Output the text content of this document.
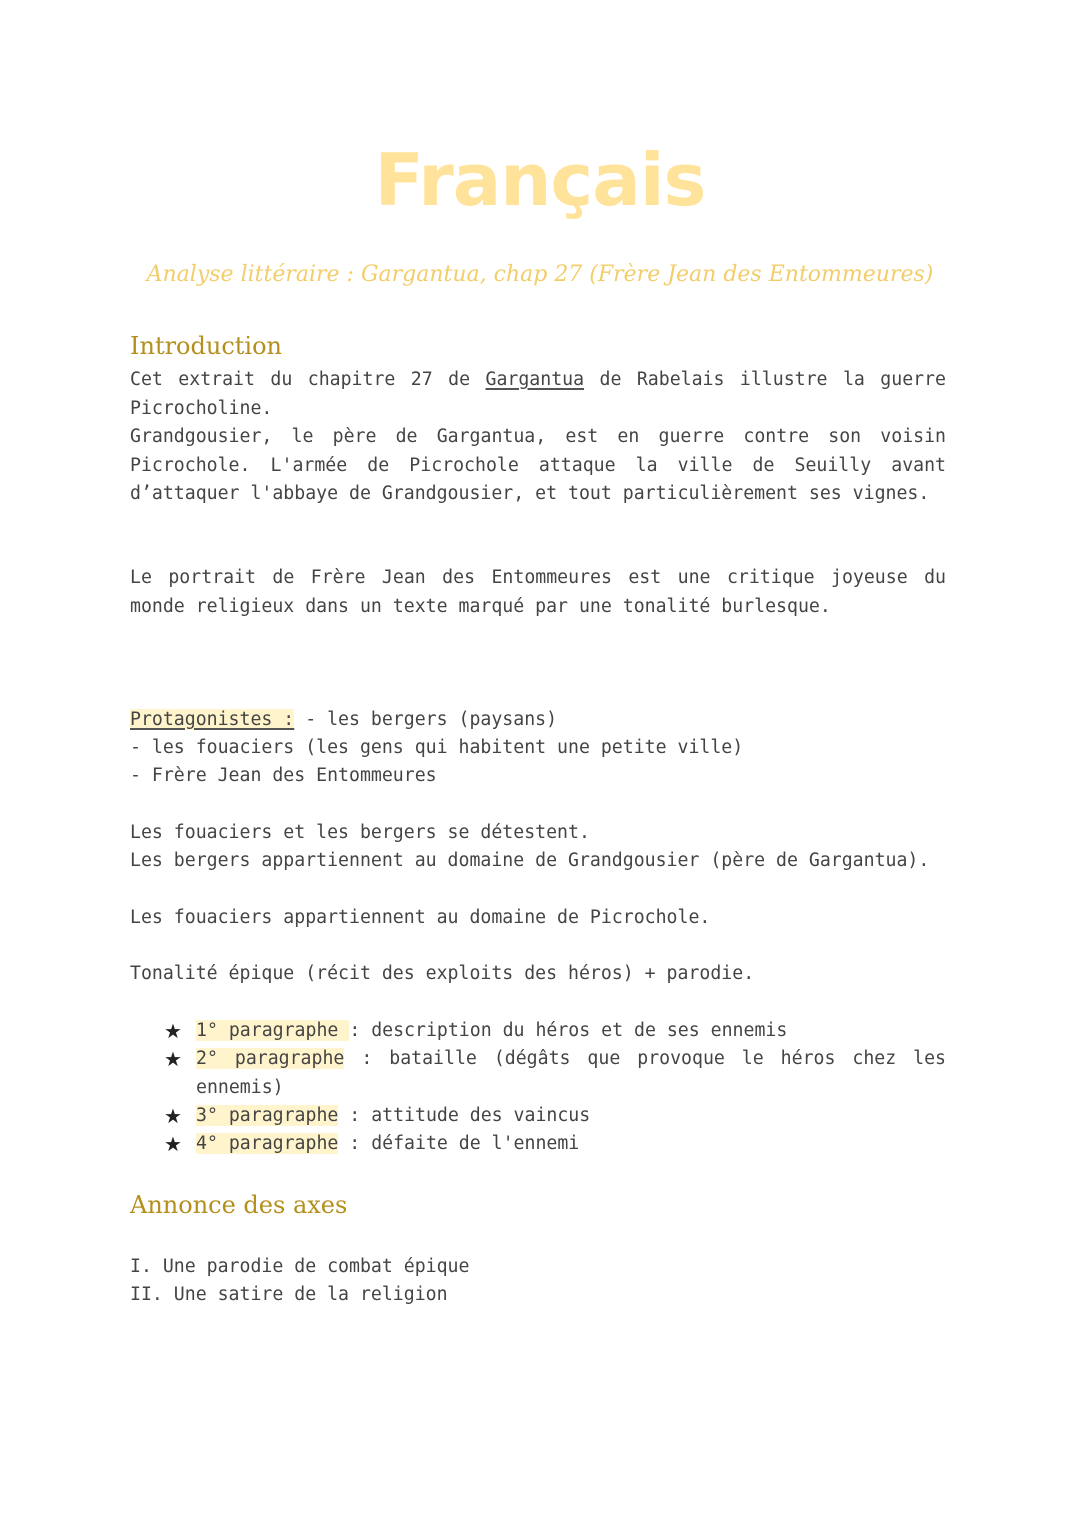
Français
Analyse littéraire : Gargantua, chap 27 (Frère Jean des Entommeures)
Introduction
Cet extrait du chapitre 27 de Gargantua de Rabelais illustre la guerre Picrocholine.
Grandgousier, le père de Gargantua, est en guerre contre son voisin Picrochole. L'armée de Picrochole attaque la ville de Seuilly avant d’attaquer l'abbaye de Grandgousier, et tout particulièrement ses vignes.
Le portrait de Frère Jean des Entommeures est une critique joyeuse du monde religieux dans un texte marqué par une tonalité burlesque.
Protagonistes : - les bergers (paysans)
- les fouaciers (les gens qui habitent une petite ville)
- Frère Jean des Entommeures
Les fouaciers et les bergers se détestent.
Les bergers appartiennent au domaine de Grandgousier (père de Gargantua).
Les fouaciers appartiennent au domaine de Picrochole.
Tonalité épique (récit des exploits des héros) + parodie.
★ 1° paragraphe : description du héros et de ses ennemis
★ 2° paragraphe : bataille (dégâts que provoque le héros chez les ennemis)
★ 3° paragraphe : attitude des vaincus
★ 4° paragraphe : défaite de l'ennemi
Annonce des axes
I. Une parodie de combat épique
II. Une satire de la religion
